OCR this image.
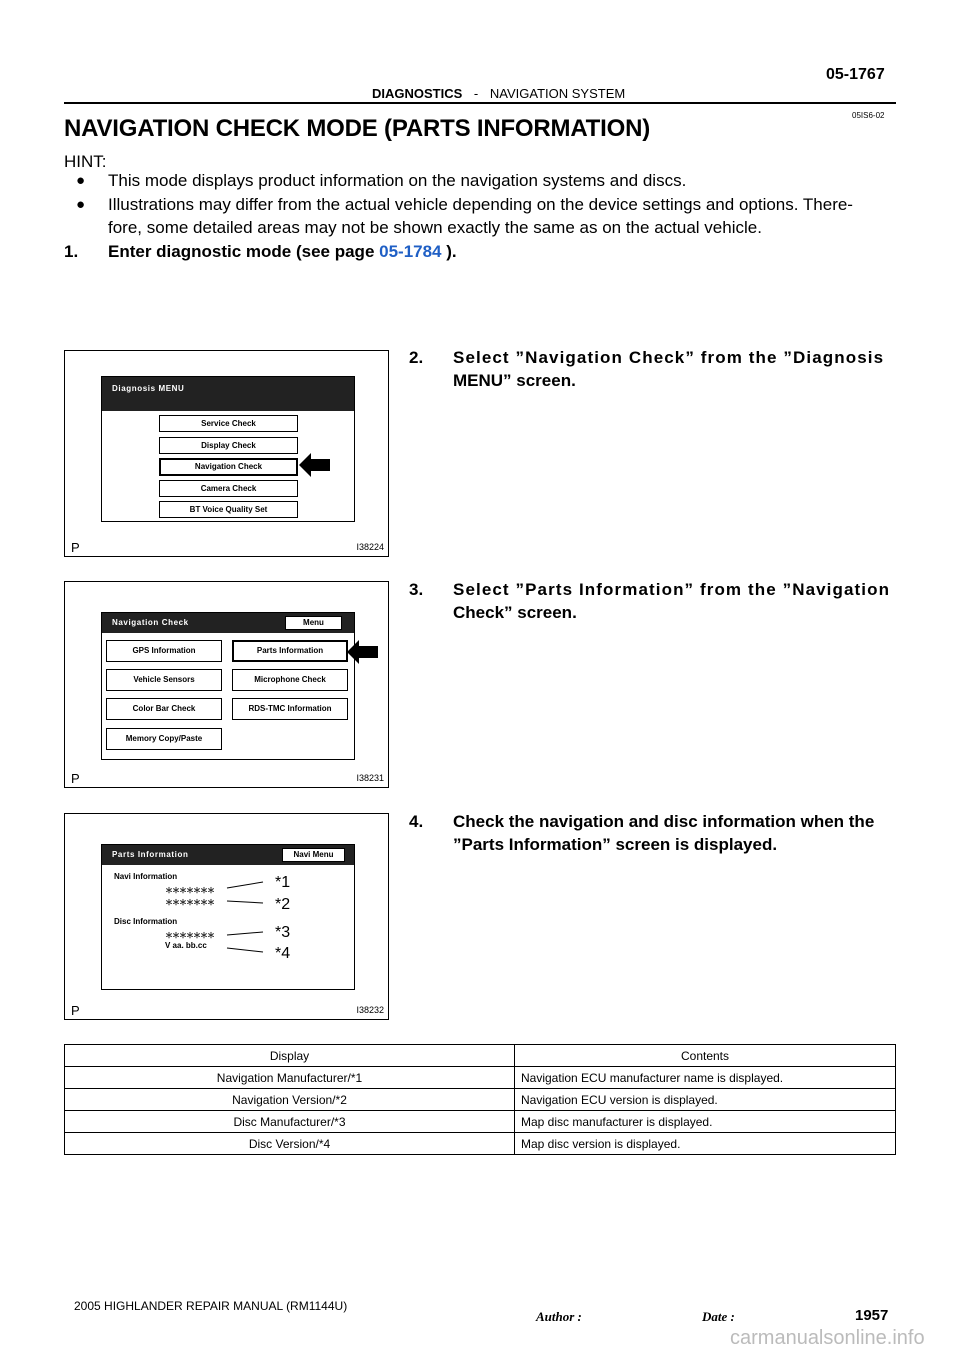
05-1767
DIAGNOSTICS - NAVIGATION SYSTEM
05IS6-02
NAVIGATION CHECK MODE (PARTS INFORMATION)
HINT:
● This mode displays product information on the navigation systems and discs.
● Illustrations may differ from the actual vehicle depending on the device settings and options. There-
fore, some detailed areas may not be shown exactly the same as on the actual vehicle.
1. Enter diagnostic mode (see page 05-1784 ).
2. Select ”Navigation Check” from the ”Diagnosis
MENU” screen.
Diagnosis MENU
Service Check
Display Check
Navigation Check
Camera Check
BT Voice Quality Set
P	I38224
3. Select ”Parts Information” from the ”Navigation
Check” screen.
Navigation Check	Menu
GPS Information	Parts Information
Vehicle Sensors	Microphone Check
Color Bar Check	RDS-TMC Information
Memory Copy/Paste
P	I38231
4. Check the navigation and disc information when the
”Parts Information” screen is displayed.
Parts Information	Navi Menu
Navi Information
＊＊＊＊＊＊＊
＊＊＊＊＊＊＊
Disc Information
＊＊＊＊＊＊＊
V aa. bb.cc
*1
*2
*3
*4
P	I38232
Display	Contents
Navigation Manufacturer/*1	Navigation ECU manufacturer name is displayed.
Navigation Version/*2	Navigation ECU version is displayed.
Disc Manufacturer/*3	Map disc manufacturer is displayed.
Disc Version/*4	Map disc version is displayed.
2005 HIGHLANDER REPAIR MANUAL (RM1144U)
1957
Author :	Date :
carmanualsonline.info
